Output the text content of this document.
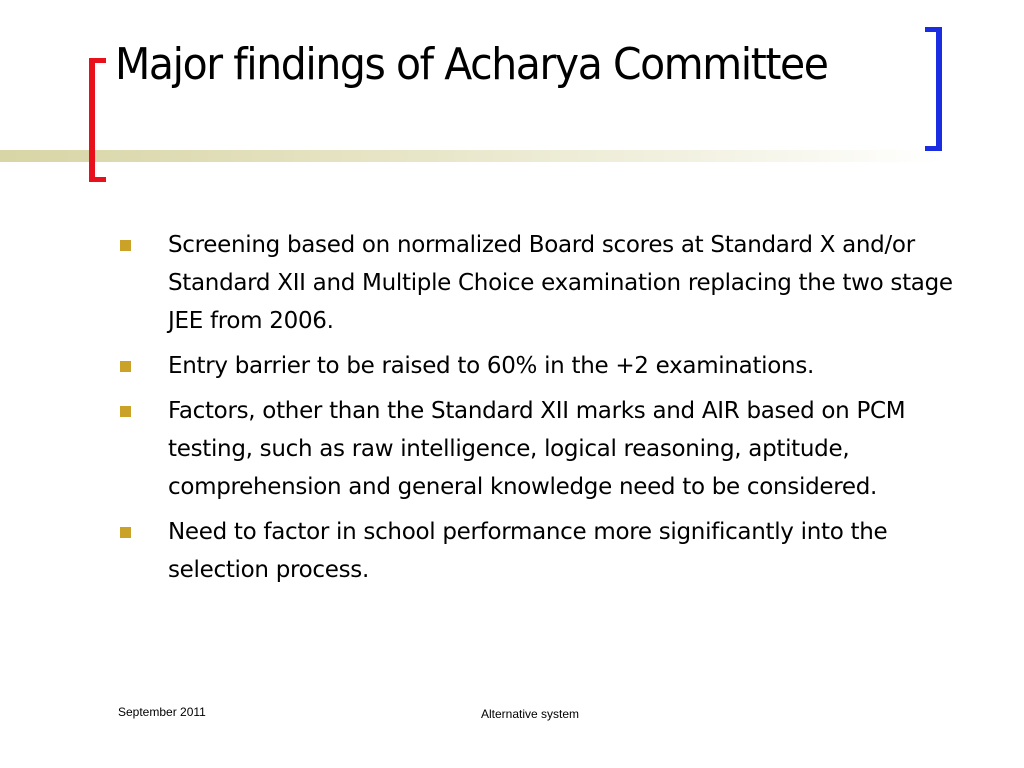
Major findings of Acharya Committee
Screening based on normalized Board scores at Standard X and/or Standard XII and Multiple Choice examination replacing the two stage JEE from 2006.
Entry barrier to be raised to 60% in the +2 examinations.
Factors, other than the Standard XII marks and AIR based on PCM testing, such as raw intelligence, logical reasoning, aptitude, comprehension and general knowledge need to be considered.
Need to factor in school performance more significantly into the selection process.
September 2011	Alternative system
